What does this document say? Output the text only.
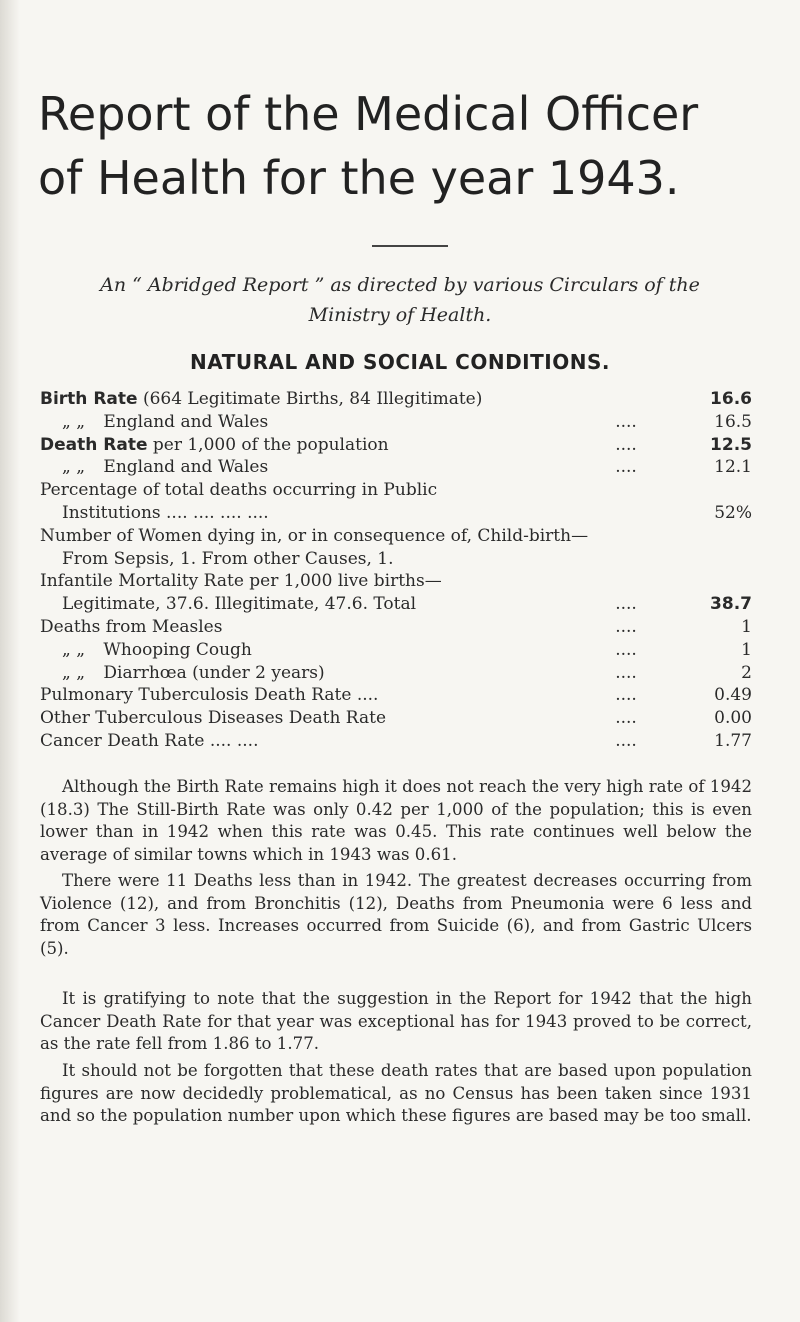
Report of the Medical Officer
of Health for the year 1943.
An “ Abridged Report ” as directed by various Circulars of the
Ministry of Health.
NATURAL AND SOCIAL CONDITIONS.
Birth Rate (664 Legitimate Births, 84 Illegitimate)	16.6
„ „ England and Wales	....	16.5
Death Rate per 1,000 of the population	....	12.5
„ „ England and Wales	....	12.1
Percentage of total deaths occurring in Public
Institutions .... .... .... ....	52%
Number of Women dying in, or in consequence of, Child-birth—
From Sepsis, 1. From other Causes, 1.
Infantile Mortality Rate per 1,000 live births—
Legitimate, 37.6. Illegitimate, 47.6. Total	....	38.7
Deaths from Measles	....	1
„ „ Whooping Cough	....	1
„ „ Diarrhœa (under 2 years)	....	2
Pulmonary Tuberculosis Death Rate ....	....	0.49
Other Tuberculous Diseases Death Rate	....	0.00
Cancer Death Rate .... ....	....	1.77

Although the Birth Rate remains high it does not reach the very high rate of 1942 (18.3) The Still-Birth Rate was only 0.42 per 1,000 of the population; this is even lower than in 1942 when this rate was 0.45. This rate continues well below the average of similar towns which in 1943 was 0.61.

There were 11 Deaths less than in 1942. The greatest decreases occurring from Violence (12), and from Bronchitis (12), Deaths from Pneumonia were 6 less and from Cancer 3 less. Increases occurred from Suicide (6), and from Gastric Ulcers (5).

It is gratifying to note that the suggestion in the Report for 1942 that the high Cancer Death Rate for that year was exceptional has for 1943 proved to be correct, as the rate fell from 1.86 to 1.77.

It should not be forgotten that these death rates that are based upon population figures are now decidedly problematical, as no Census has been taken since 1931 and so the population number upon which these figures are based may be too small.
